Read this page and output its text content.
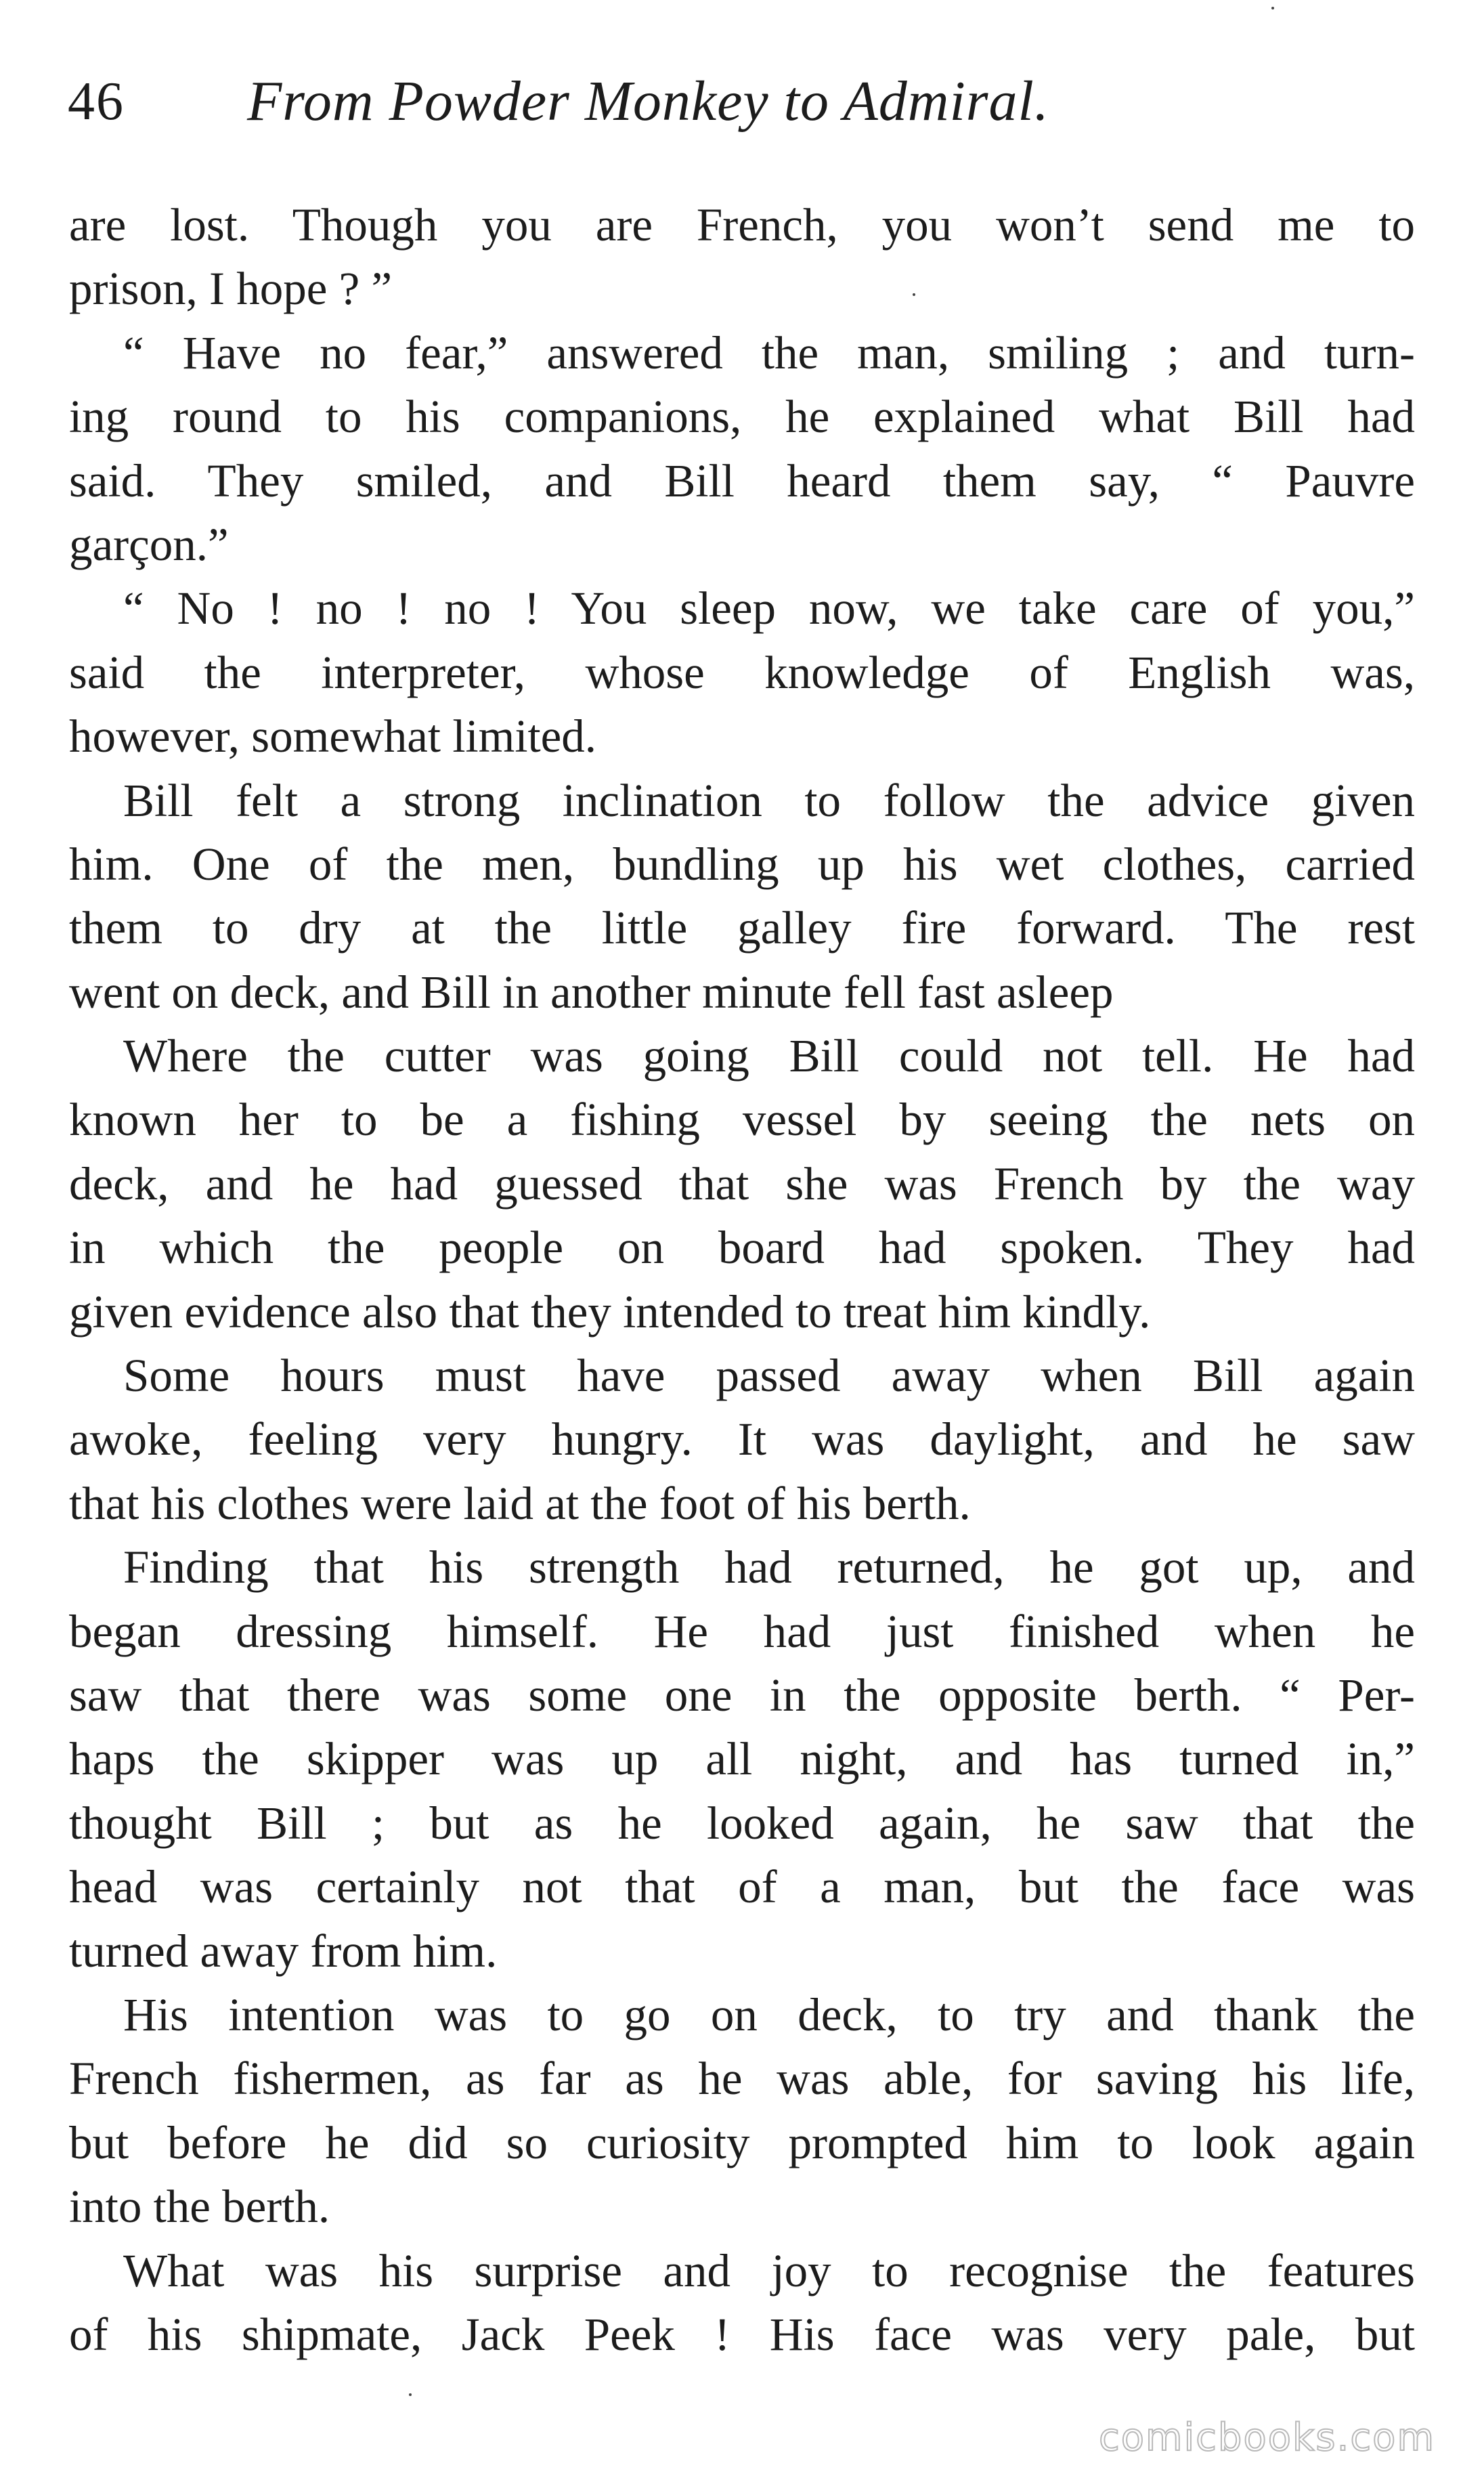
46 From Powder Monkey to Admiral.
are lost. Though you are French, you won’t send me to
prison, I hope ? ”
“ Have no fear,” answered the man, smiling ; and turn-
ing round to his companions, he explained what Bill had
said. They smiled, and Bill heard them say, “ Pauvre
garçon.”
“ No ! no ! no ! You sleep now, we take care of you,”
said the interpreter, whose knowledge of English was,
however, somewhat limited.
Bill felt a strong inclination to follow the advice given
him. One of the men, bundling up his wet clothes, carried
them to dry at the little galley fire forward. The rest
went on deck, and Bill in another minute fell fast asleep
Where the cutter was going Bill could not tell. He had
known her to be a fishing vessel by seeing the nets on
deck, and he had guessed that she was French by the way
in which the people on board had spoken. They had
given evidence also that they intended to treat him kindly.
Some hours must have passed away when Bill again
awoke, feeling very hungry. It was daylight, and he saw
that his clothes were laid at the foot of his berth.
Finding that his strength had returned, he got up, and
began dressing himself. He had just finished when he
saw that there was some one in the opposite berth. “ Per-
haps the skipper was up all night, and has turned in,”
thought Bill ; but as he looked again, he saw that the
head was certainly not that of a man, but the face was
turned away from him.
His intention was to go on deck, to try and thank the
French fishermen, as far as he was able, for saving his life,
but before he did so curiosity prompted him to look again
into the berth.
What was his surprise and joy to recognise the features
of his shipmate, Jack Peek ! His face was very pale, but
comicbooks.com
